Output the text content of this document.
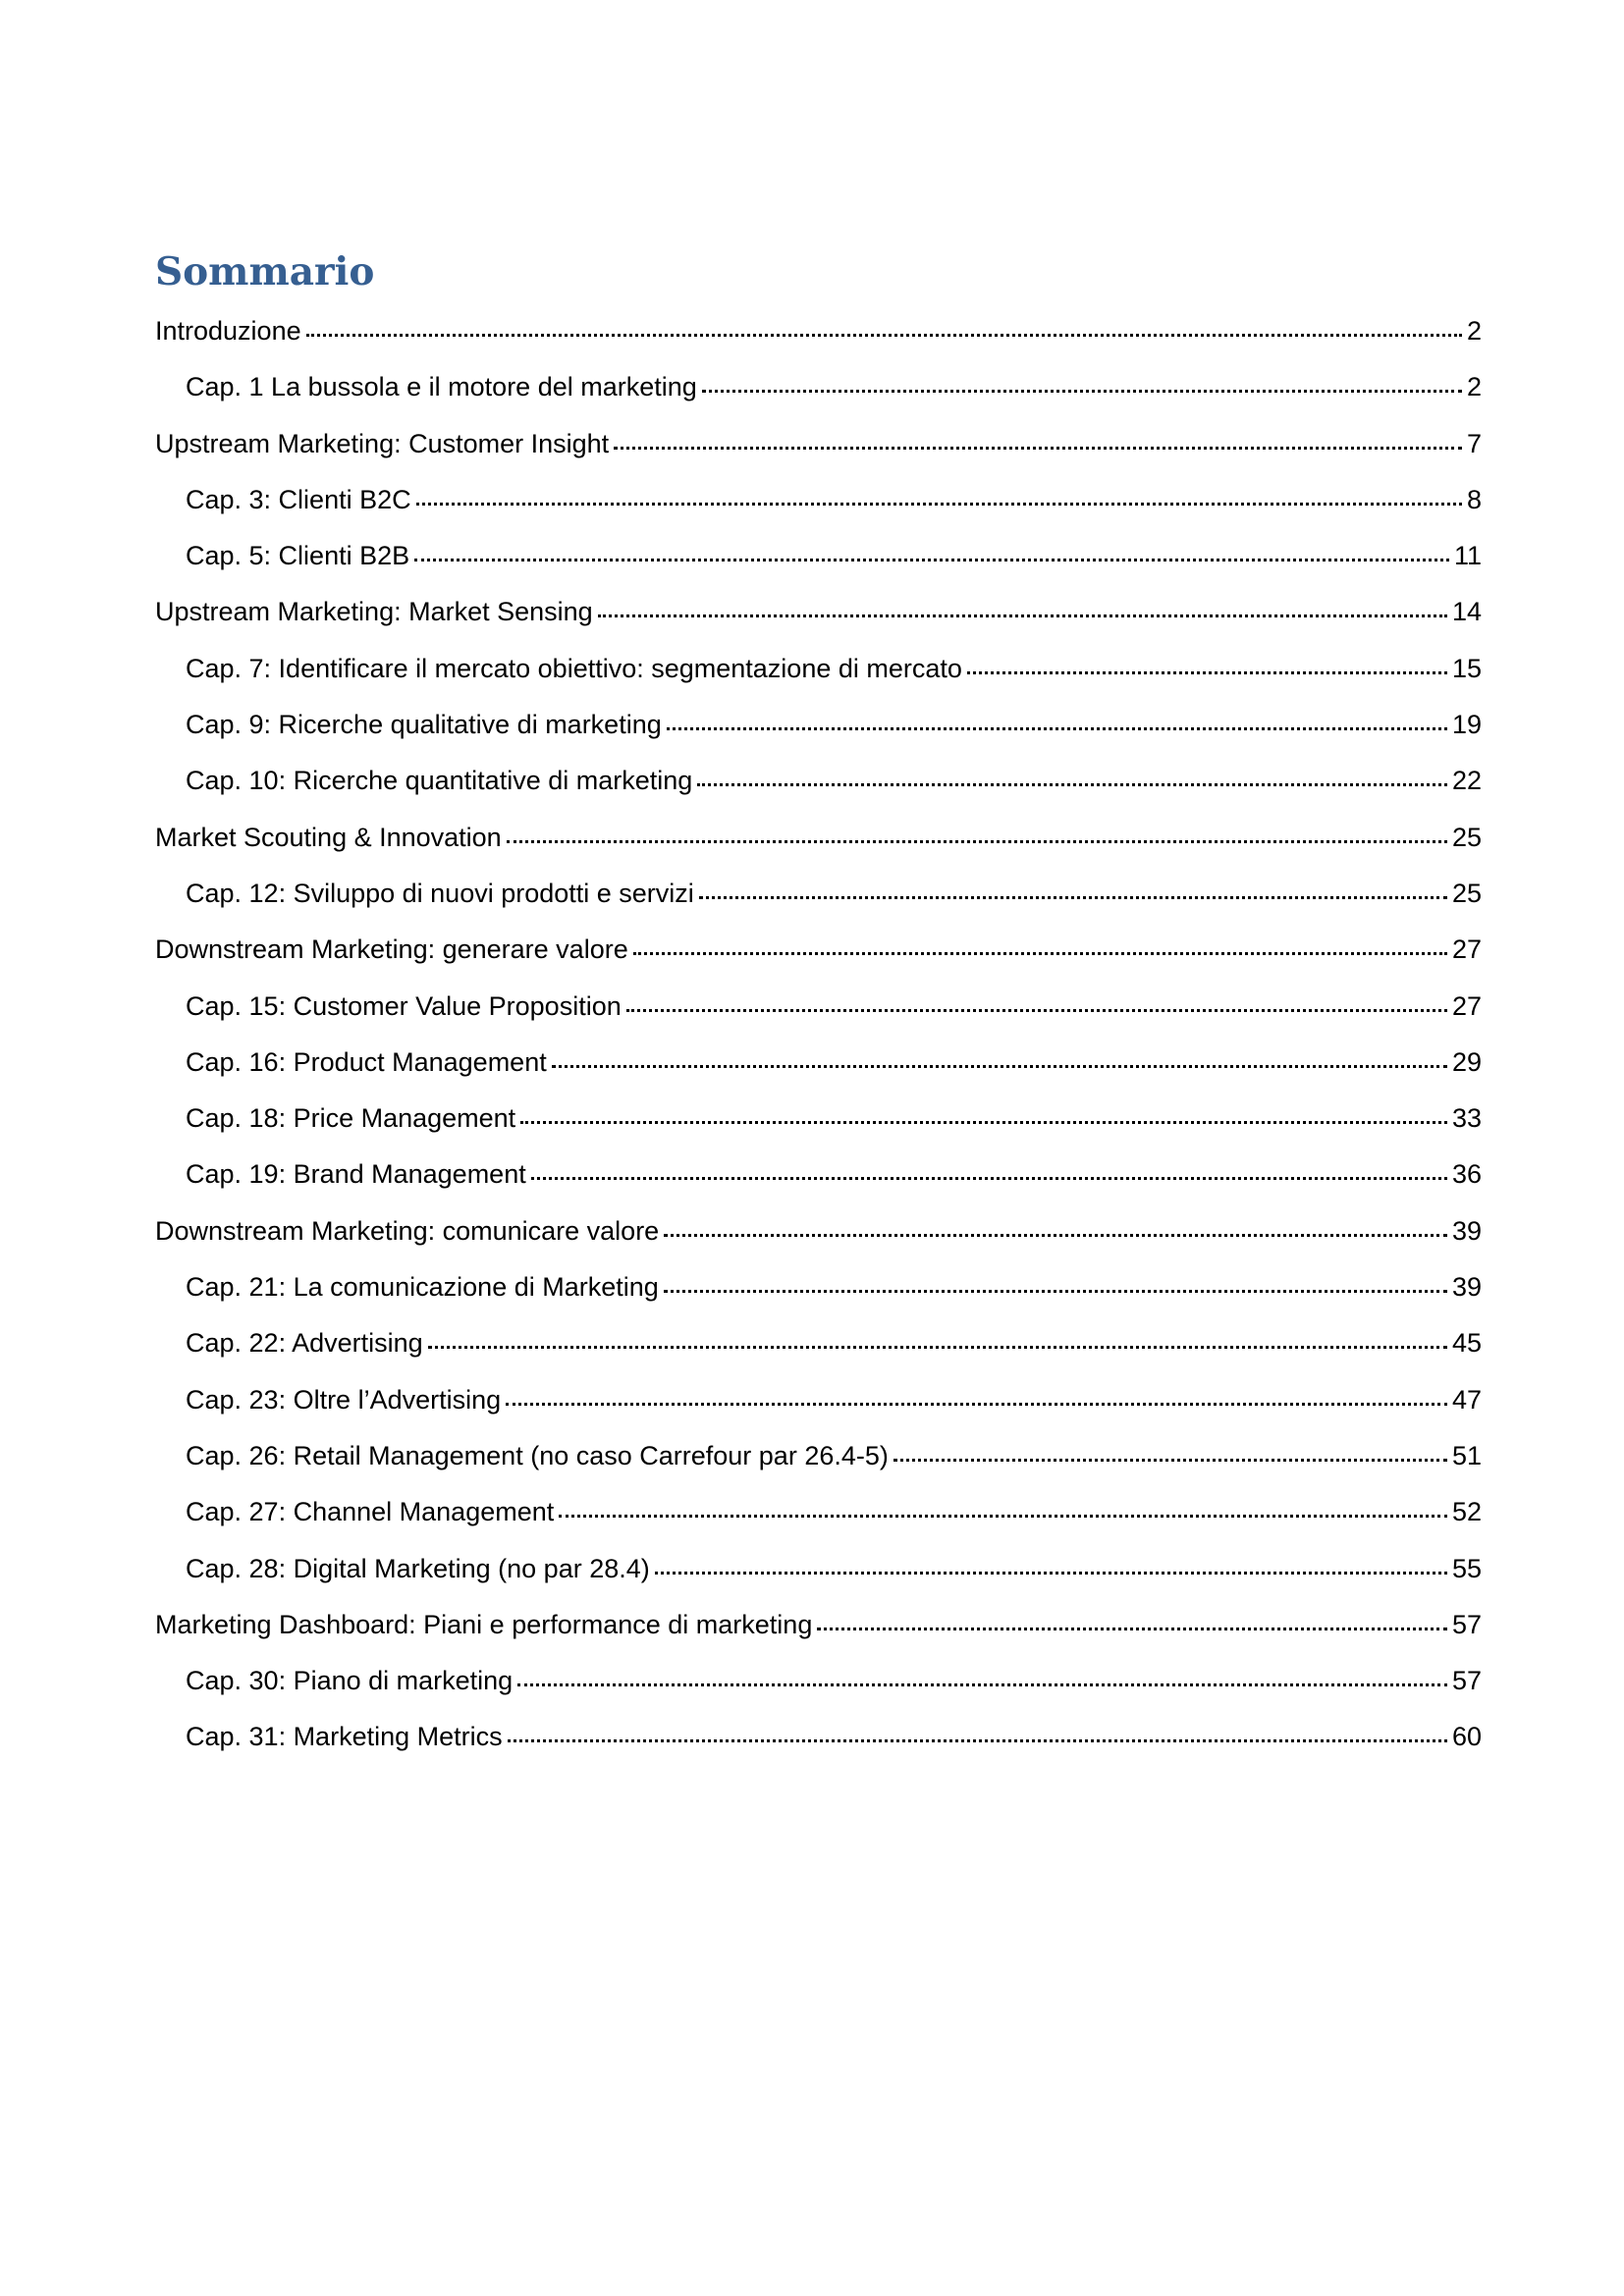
Sommario
Introduzione	2
Cap. 1 La bussola e il motore del marketing	2
Upstream Marketing: Customer Insight	7
Cap. 3: Clienti B2C	8
Cap. 5: Clienti B2B	11
Upstream Marketing: Market Sensing	14
Cap. 7: Identificare il mercato obiettivo: segmentazione di mercato	15
Cap. 9: Ricerche qualitative di marketing	19
Cap. 10: Ricerche quantitative di marketing	22
Market Scouting & Innovation	25
Cap. 12: Sviluppo di nuovi prodotti e servizi	25
Downstream Marketing: generare valore	27
Cap. 15: Customer Value Proposition	27
Cap. 16: Product Management	29
Cap. 18: Price Management	33
Cap. 19: Brand Management	36
Downstream Marketing: comunicare valore	39
Cap. 21: La comunicazione di Marketing	39
Cap. 22: Advertising	45
Cap. 23: Oltre l’Advertising	47
Cap. 26: Retail Management (no caso Carrefour par 26.4-5)	51
Cap. 27: Channel Management	52
Cap. 28: Digital Marketing (no par 28.4)	55
Marketing Dashboard: Piani e performance di marketing	57
Cap. 30: Piano di marketing	57
Cap. 31: Marketing Metrics	60
